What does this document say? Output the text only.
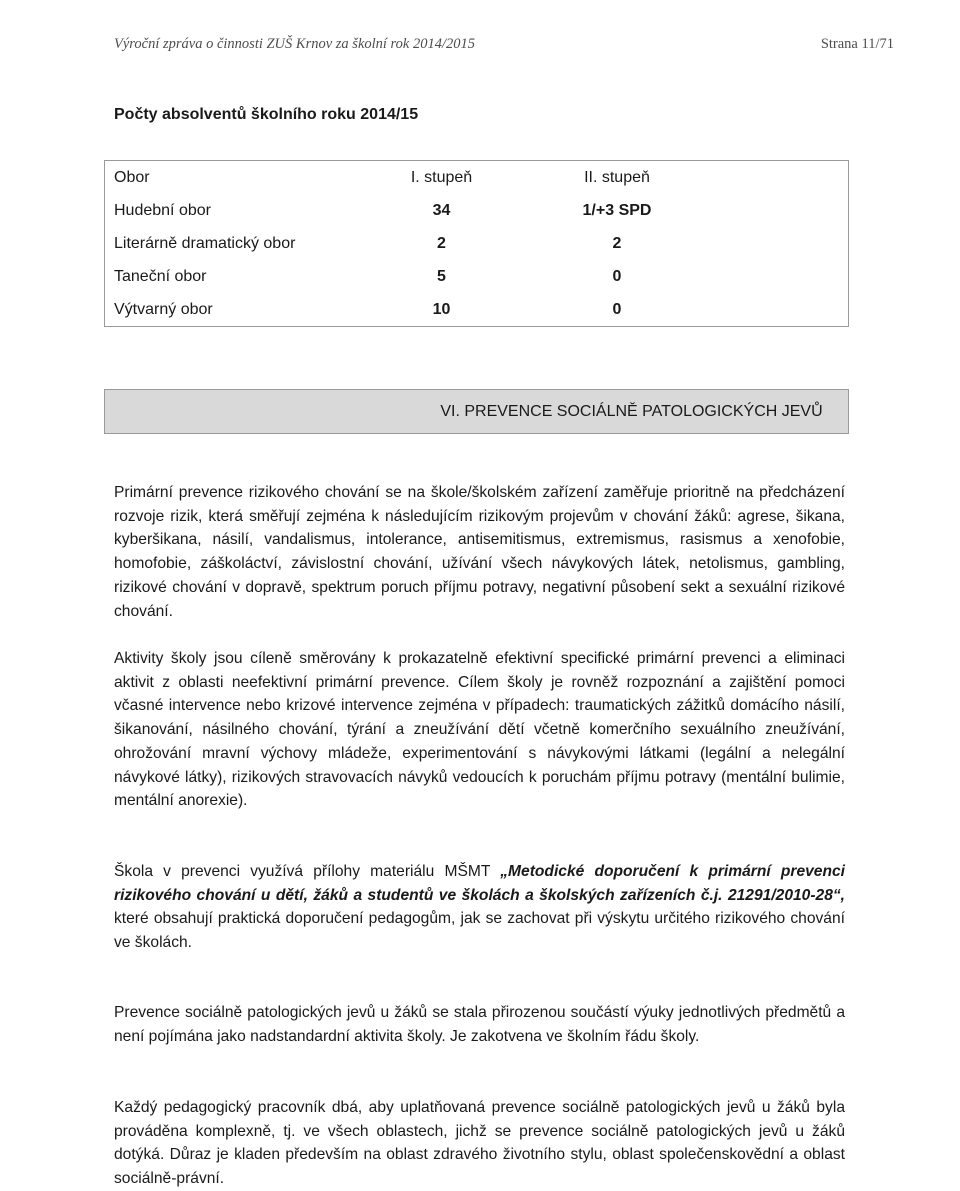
Výroční zpráva o činnosti ZUŠ Krnov za školní rok 2014/2015	Strana 11/71
Počty absolventů školního roku 2014/15
Obor	I. stupeň	II. stupeň
Hudební obor	34	1/+3 SPD
Literárně dramatický obor	2	2
Taneční obor	5	0
Výtvarný obor	10	0
VI. PREVENCE SOCIÁLNĚ PATOLOGICKÝCH JEVŮ

Primární prevence rizikového chování se na škole/školském zařízení zaměřuje prioritně na předcházení rozvoje rizik, která směřují zejména k následujícím rizikovým projevům v chování žáků: agrese, šikana, kyberšikana, násilí, vandalismus, intolerance, antisemitismus, extremismus, rasismus a xenofobie, homofobie, záškoláctví, závislostní chování, užívání všech návykových látek, netolismus, gambling, rizikové chování v dopravě, spektrum poruch příjmu potravy, negativní působení sekt a sexuální rizikové chování.

Aktivity školy jsou cíleně směrovány k prokazatelně efektivní specifické primární prevenci a eliminaci aktivit z oblasti neefektivní primární prevence. Cílem školy je rovněž rozpoznání a zajištění pomoci včasné intervence nebo krizové intervence zejména v případech: traumatických zážitků domácího násilí, šikanování, násilného chování, týrání a zneužívání dětí včetně komerčního sexuálního zneužívání, ohrožování mravní výchovy mládeže, experimentování s návykovými látkami (legální a nelegální návykové látky), rizikových stravovacích návyků vedoucích k poruchám příjmu potravy (mentální bulimie, mentální anorexie).

Škola v prevenci využívá přílohy materiálu MŠMT „Metodické doporučení k primární prevenci rizikového chování u dětí, žáků a studentů ve školách a školských zařízeních č.j. 21291/2010-28“, které obsahují praktická doporučení pedagogům, jak se zachovat při výskytu určitého rizikového chování ve školách.

Prevence sociálně patologických jevů u žáků se stala přirozenou součástí výuky jednotlivých předmětů a není pojímána jako nadstandardní aktivita školy. Je zakotvena ve školním řádu školy.

Každý pedagogický pracovník dbá, aby uplatňovaná prevence sociálně patologických jevů u žáků byla prováděna komplexně, tj. ve všech oblastech, jichž se prevence sociálně patologických jevů u žáků dotýká. Důraz je kladen především na oblast zdravého životního stylu, oblast společenskovědní a oblast sociálně-právní.
